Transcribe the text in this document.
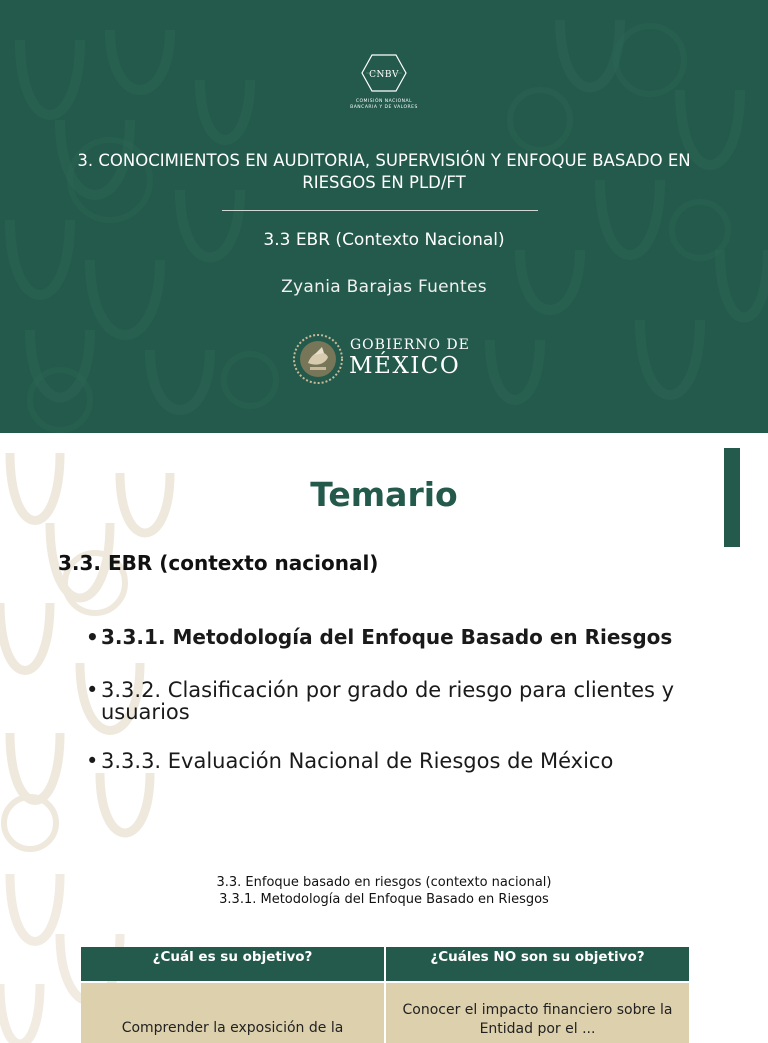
CNBV
COMISIÓN NACIONAL
BANCARIA Y DE VALORES
3. CONOCIMIENTOS EN AUDITORIA, SUPERVISIÓN Y ENFOQUE BASADO EN RIESGOS EN PLD/FT
3.3 EBR (Contexto Nacional)
Zyania Barajas Fuentes
GOBIERNO DE
MÉXICO
Temario
3.3. EBR (contexto nacional)
• 3.3.1. Metodología del Enfoque Basado en Riesgos
• 3.3.2. Clasificación por grado de riesgo para clientes y usuarios
• 3.3.3. Evaluación Nacional de Riesgos de México
3.3. Enfoque basado en riesgos (contexto nacional)
3.3.1. Metodología del Enfoque Basado en Riesgos
¿Cuál es su objetivo?	¿Cuáles NO son su objetivo?
Comprender la exposición de la
Conocer el impacto financiero sobre la Entidad por el ...
